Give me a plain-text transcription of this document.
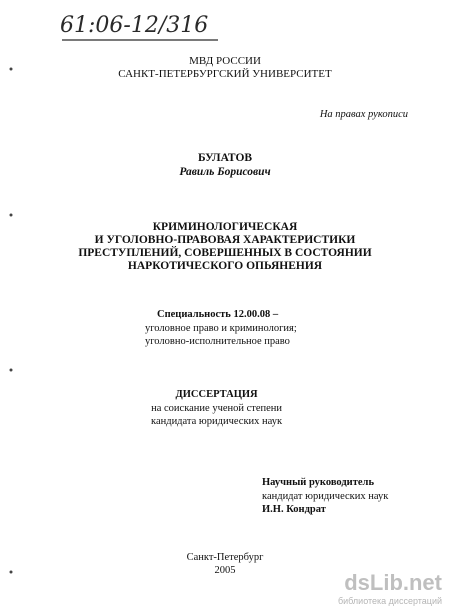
61:06-12/316
МВД РОССИИ
САНКТ-ПЕТЕРБУРГСКИЙ УНИВЕРСИТЕТ
На правах рукописи
БУЛАТОВ
Равиль Борисович
КРИМИНОЛОГИЧЕСКАЯ
И УГОЛОВНО-ПРАВОВАЯ ХАРАКТЕРИСТИКИ
ПРЕСТУПЛЕНИЙ, СОВЕРШЕННЫХ В СОСТОЯНИИ
НАРКОТИЧЕСКОГО ОПЬЯНЕНИЯ
Специальность 12.00.08 –
уголовное право и криминология;
уголовно-исполнительное право
ДИССЕРТАЦИЯ
на соискание ученой степени
кандидата юридических наук
Научный руководитель
кандидат юридических наук
И.Н. Кондрат
Санкт-Петербург
2005	dsLib.net
библиотека диссертаций
